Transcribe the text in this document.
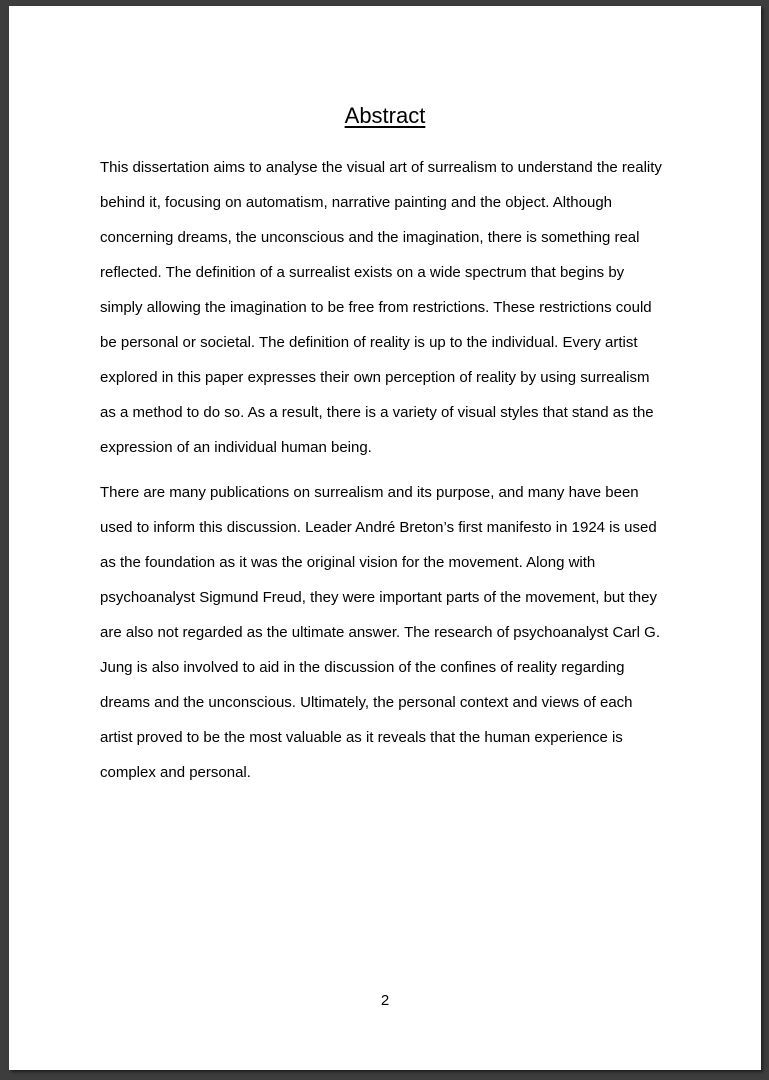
Abstract

This dissertation aims to analyse the visual art of surrealism to understand the reality
behind it, focusing on automatism, narrative painting and the object. Although
concerning dreams, the unconscious and the imagination, there is something real
reflected. The definition of a surrealist exists on a wide spectrum that begins by
simply allowing the imagination to be free from restrictions. These restrictions could
be personal or societal. The definition of reality is up to the individual. Every artist
explored in this paper expresses their own perception of reality by using surrealism
as a method to do so. As a result, there is a variety of visual styles that stand as the
expression of an individual human being.

There are many publications on surrealism and its purpose, and many have been
used to inform this discussion. Leader André Breton’s first manifesto in 1924 is used
as the foundation as it was the original vision for the movement. Along with
psychoanalyst Sigmund Freud, they were important parts of the movement, but they
are also not regarded as the ultimate answer. The research of psychoanalyst Carl G.
Jung is also involved to aid in the discussion of the confines of reality regarding
dreams and the unconscious. Ultimately, the personal context and views of each
artist proved to be the most valuable as it reveals that the human experience is
complex and personal.

2
